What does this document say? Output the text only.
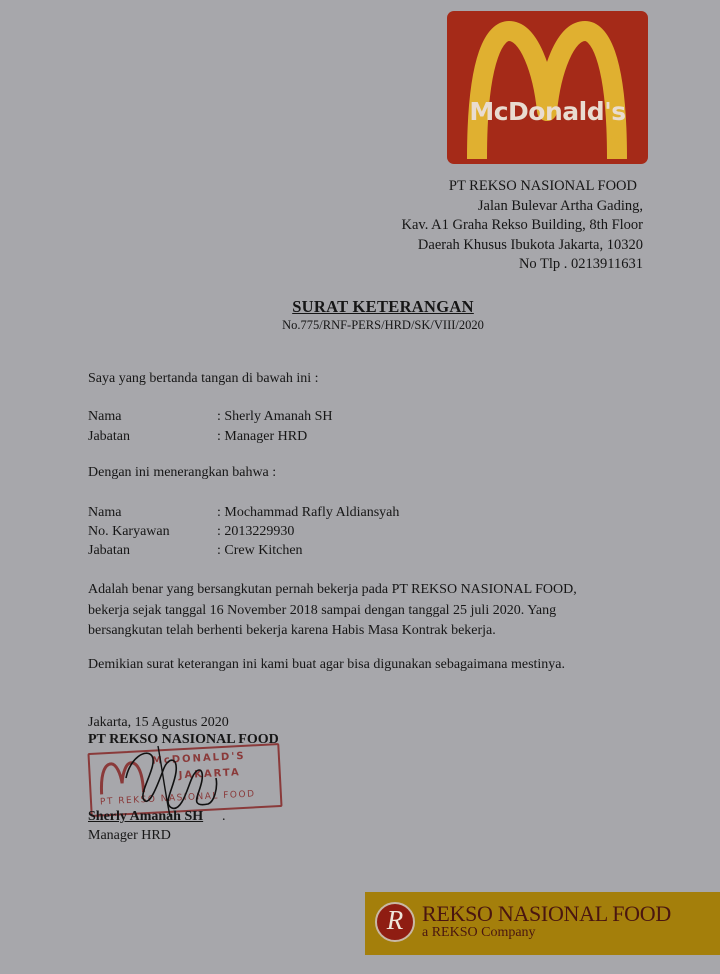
McDonald's
®
PT REKSO NASIONAL FOOD
Jalan Bulevar Artha Gading,
Kav. A1 Graha Rekso Building, 8th Floor
Daerah Khusus Ibukota Jakarta, 10320
No Tlp . 0213911631
SURAT KETERANGAN
No.775/RNF-PERS/HRD/SK/VIII/2020
Saya yang bertanda tangan di bawah ini :
Nama	: Sherly Amanah SH
Jabatan	: Manager HRD
Dengan ini menerangkan bahwa :
Nama	: Mochammad Rafly Aldiansyah
No. Karyawan	: 2013229930
Jabatan	: Crew Kitchen
Adalah benar yang bersangkutan pernah bekerja pada PT REKSO NASIONAL FOOD,
bekerja sejak tanggal 16 November 2018 sampai dengan tanggal 25 juli 2020. Yang
bersangkutan telah berhenti bekerja karena Habis Masa Kontrak bekerja.
Demikian surat keterangan ini kami buat agar bisa digunakan sebagaimana mestinya.
Jakarta, 15 Agustus 2020
PT REKSO NASIONAL FOOD
McDONALD'S
JAKARTA
PT REKSO NASIONAL FOOD
Sherly Amanah SH .
Manager HRD
R REKSO NASIONAL FOOD
a REKSO Company
